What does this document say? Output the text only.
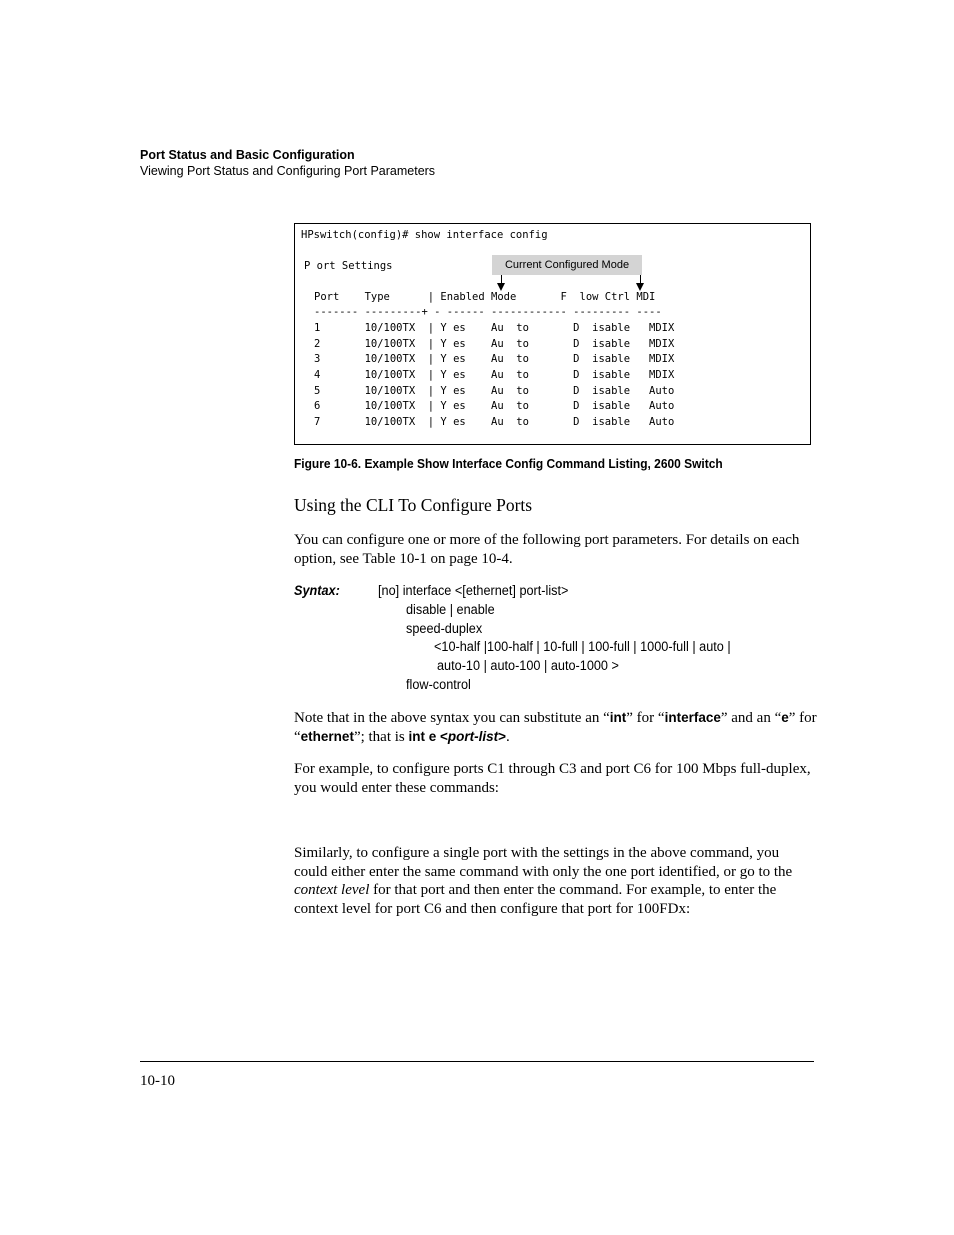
Port Status and Basic Configuration
Viewing Port Status and Configuring Port Parameters
HPswitch(config)# show interface config
P ort Settings	Current Configured Mode
Port    Type      | Enabled Mode       F  low Ctrl MDI
------- ---------+ - ------ ------------ --------- ----
1       10/100TX  | Y es    Au  to       D  isable   MDIX
2       10/100TX  | Y es    Au  to       D  isable   MDIX
3       10/100TX  | Y es    Au  to       D  isable   MDIX
4       10/100TX  | Y es    Au  to       D  isable   MDIX
5       10/100TX  | Y es    Au  to       D  isable   Auto
6       10/100TX  | Y es    Au  to       D  isable   Auto
7       10/100TX  | Y es    Au  to       D  isable   Auto
Figure 10-6. Example Show Interface Config Command Listing, 2600 Switch
Using the CLI To Configure Ports
You can configure one or more of the following port parameters. For details on each option, see Table 10-1 on page 10-4.
Syntax:	[no] interface <[ethernet] port-list>
disable | enable
speed-duplex
<10-half |100-half | 10-full | 100-full | 1000-full | auto |
auto-10 | auto-100 | auto-1000 >
flow-control
Note that in the above syntax you can substitute an “int” for “interface” and an “e” for “ethernet”; that is int e <port-list>.
For example, to configure ports C1 through C3 and port C6 for 100 Mbps full-duplex, you would enter these commands:
Similarly, to configure a single port with the settings in the above command, you could either enter the same command with only the one port identified, or go to the context level for that port and then enter the command. For example, to enter the context level for port C6 and then configure that port for 100FDx:
10-10
